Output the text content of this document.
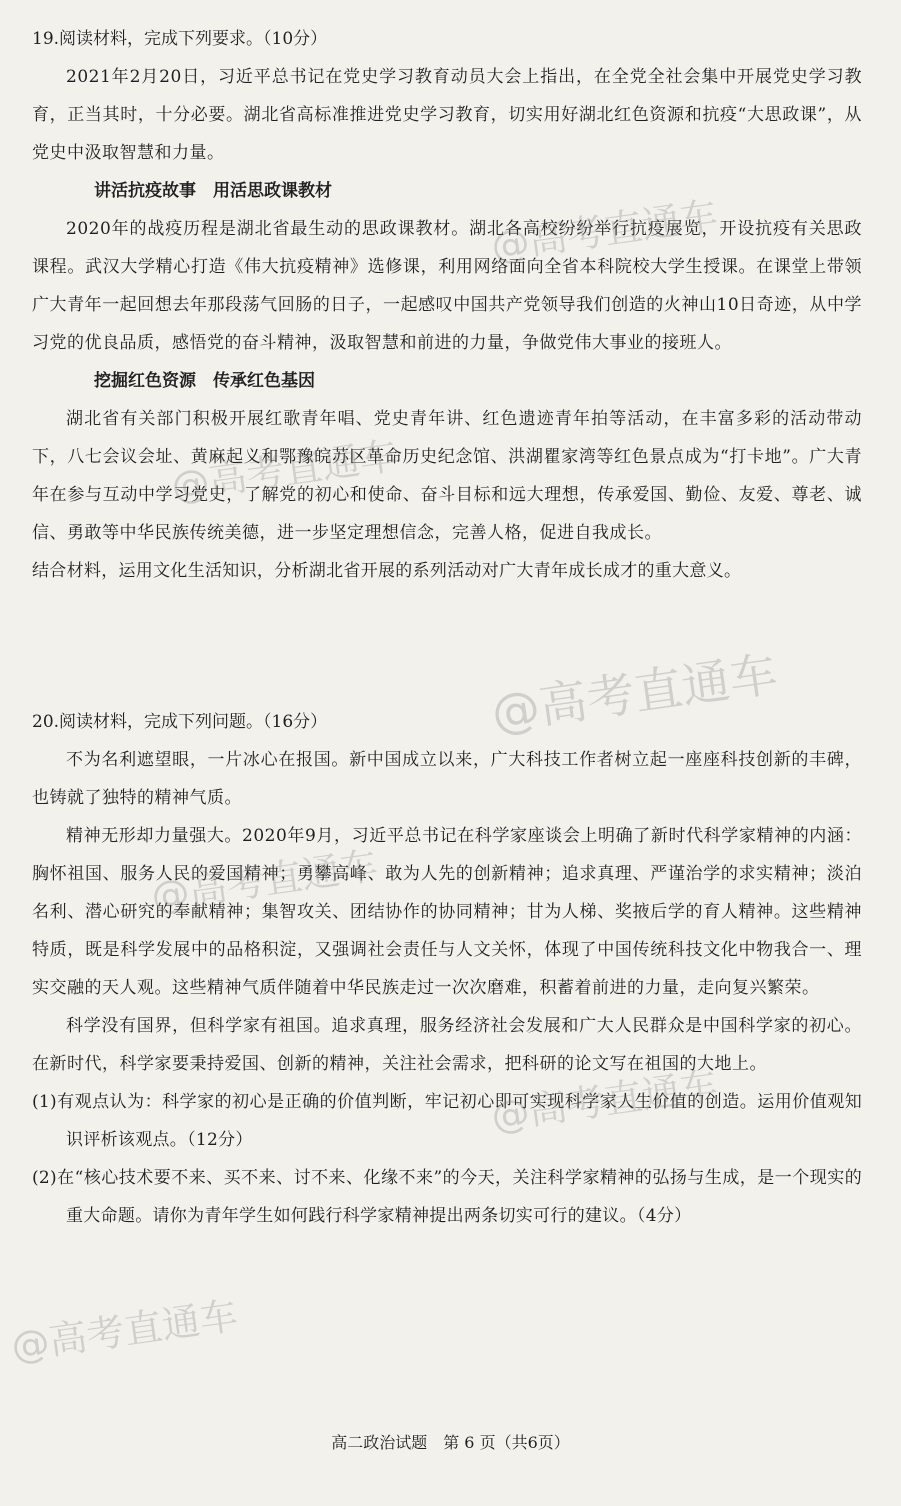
19.阅读材料，完成下列要求。（10分）

2021年2月20日，习近平总书记在党史学习教育动员大会上指出，在全党全社会集中开展党史学习教育，正当其时，十分必要。湖北省高标准推进党史学习教育，切实用好湖北红色资源和抗疫“大思政课”，从党史中汲取智慧和力量。

讲活抗疫故事　用活思政课教材

2020年的战疫历程是湖北省最生动的思政课教材。湖北各高校纷纷举行抗疫展览，开设抗疫有关思政课程。武汉大学精心打造《伟大抗疫精神》选修课，利用网络面向全省本科院校大学生授课。在课堂上带领广大青年一起回想去年那段荡气回肠的日子，一起感叹中国共产党领导我们创造的火神山10日奇迹，从中学习党的优良品质，感悟党的奋斗精神，汲取智慧和前进的力量，争做党伟大事业的接班人。

挖掘红色资源　传承红色基因

湖北省有关部门积极开展红歌青年唱、党史青年讲、红色遗迹青年拍等活动，在丰富多彩的活动带动下，八七会议会址、黄麻起义和鄂豫皖苏区革命历史纪念馆、洪湖瞿家湾等红色景点成为“打卡地”。广大青年在参与互动中学习党史，了解党的初心和使命、奋斗目标和远大理想，传承爱国、勤俭、友爱、尊老、诚信、勇敢等中华民族传统美德，进一步坚定理想信念，完善人格，促进自我成长。

结合材料，运用文化生活知识，分析湖北省开展的系列活动对广大青年成长成才的重大意义。

20.阅读材料，完成下列问题。（16分）

不为名利遮望眼，一片冰心在报国。新中国成立以来，广大科技工作者树立起一座座科技创新的丰碑，也铸就了独特的精神气质。

精神无形却力量强大。2020年9月，习近平总书记在科学家座谈会上明确了新时代科学家精神的内涵：胸怀祖国、服务人民的爱国精神；勇攀高峰、敢为人先的创新精神；追求真理、严谨治学的求实精神；淡泊名利、潜心研究的奉献精神；集智攻关、团结协作的协同精神；甘为人梯、奖掖后学的育人精神。这些精神特质，既是科学发展中的品格积淀，又强调社会责任与人文关怀，体现了中国传统科技文化中物我合一、理实交融的天人观。这些精神气质伴随着中华民族走过一次次磨难，积蓄着前进的力量，走向复兴繁荣。

科学没有国界，但科学家有祖国。追求真理，服务经济社会发展和广大人民群众是中国科学家的初心。在新时代，科学家要秉持爱国、创新的精神，关注社会需求，把科研的论文写在祖国的大地上。

(1)有观点认为：科学家的初心是正确的价值判断，牢记初心即可实现科学家人生价值的创造。运用价值观知识评析该观点。（12分）

(2)在“核心技术要不来、买不来、讨不来、化缘不来”的今天，关注科学家精神的弘扬与生成，是一个现实的重大命题。请你为青年学生如何践行科学家精神提出两条切实可行的建议。（4分）

高二政治试题　第 6 页（共6页）
@高考直通车
@高考直通车
@高考直通车
@高考直通车
@高考直通车
@高考直通车
